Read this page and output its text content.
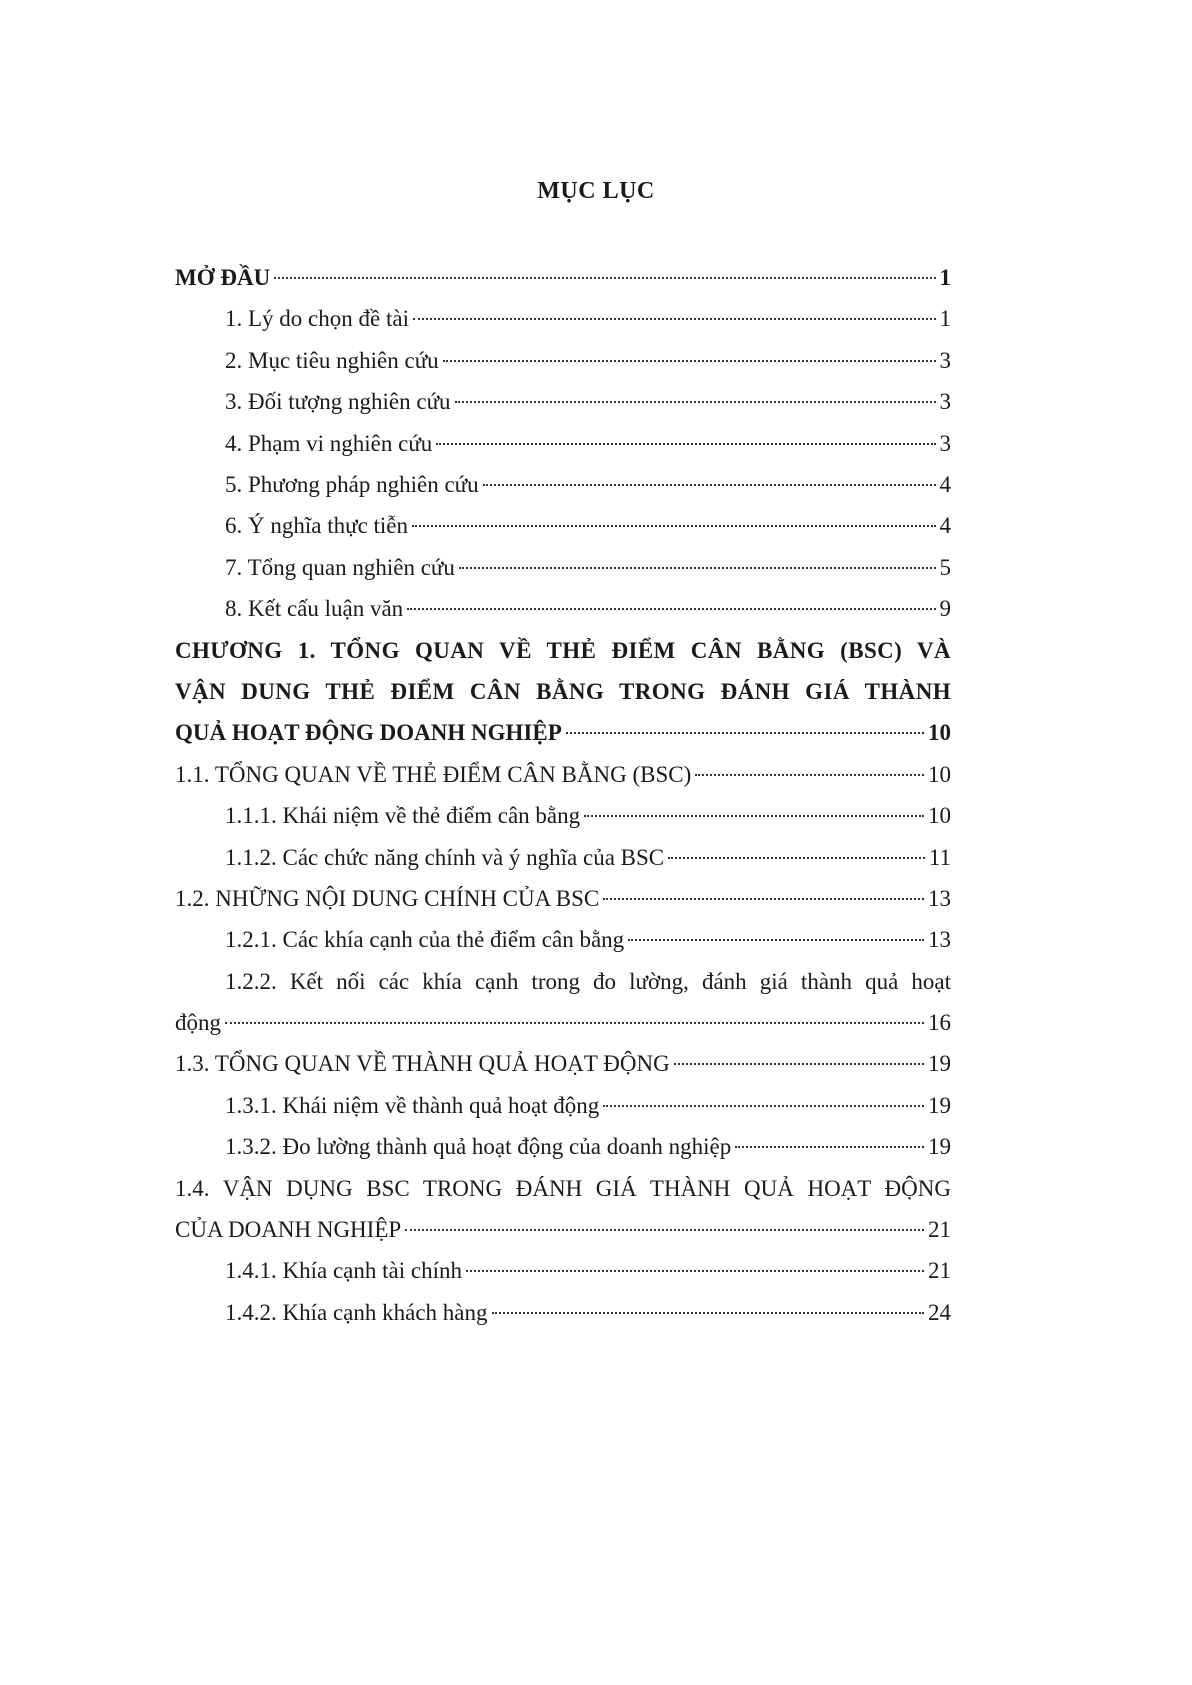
MỤC LỤC
MỞ ĐẦU	1
1. Lý do chọn đề tài	1
2. Mục tiêu nghiên cứu	3
3. Đối tượng nghiên cứu	3
4. Phạm vi nghiên cứu	3
5. Phương pháp nghiên cứu	4
6. Ý nghĩa thực tiễn	4
7. Tổng quan nghiên cứu	5
8. Kết cấu luận văn	9
CHƯƠNG 1. TỔNG QUAN VỀ THẺ ĐIỂM CÂN BẰNG (BSC) VÀ
VẬN DUNG THẺ ĐIỂM CÂN BẰNG TRONG ĐÁNH GIÁ THÀNH
QUẢ HOẠT ĐỘNG DOANH NGHIỆP	10
1.1. TỔNG QUAN VỀ THẺ ĐIỂM CÂN BẰNG (BSC)	10
1.1.1. Khái niệm về thẻ điểm cân bằng	10
1.1.2. Các chức năng chính và ý nghĩa của BSC	11
1.2. NHỮNG NỘI DUNG CHÍNH CỦA BSC	13
1.2.1. Các khía cạnh của thẻ điểm cân bằng	13
1.2.2. Kết nối các khía cạnh trong đo lường, đánh giá thành quả hoạt
động	16
1.3. TỔNG QUAN VỀ THÀNH QUẢ HOẠT ĐỘNG	19
1.3.1. Khái niệm về thành quả hoạt động	19
1.3.2. Đo lường thành quả hoạt động của doanh nghiệp	19
1.4. VẬN DỤNG BSC TRONG ĐÁNH GIÁ THÀNH QUẢ HOẠT ĐỘNG
CỦA DOANH NGHIỆP	21
1.4.1. Khía cạnh tài chính	21
1.4.2. Khía cạnh khách hàng	24
